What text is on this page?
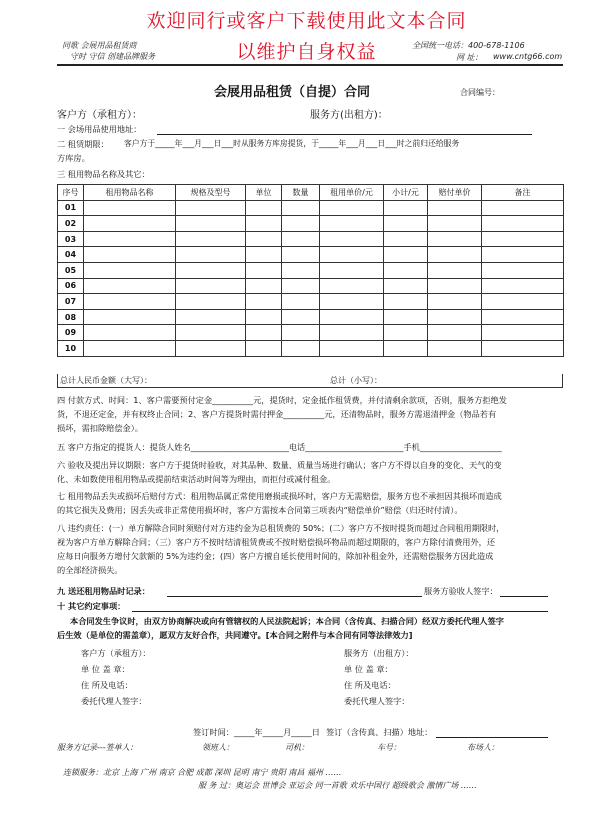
欢迎同行或客户下载使用此文本合同
以维护自身权益
同歌 会展用品租赁商
守时 守信 创建品牌服务
全国统一电话：400-678-1106
网 址： www.cntg66.com
会展用品租赁（自提）合同	合同编号：
客户方（承租方）：	服务方(出租方)：
一 会场用品使用地址：
二 租赁期限： 客户方于_____年___月___日___时从服务方库房提货，于_____年___月___日___时之前归还给服务
方库房。
三 租用物品名称及其它：
序号	租用物品名称	规格及型号	单位	数量	租用单价/元	小计/元	赔付单价	备注
01								
02								
03								
04								
05								
06								
07								
08								
09								
10								
总计人民币金额（大写）：	总计（小写）：
四 付款方式、时间：1、客户需要预付定金__________元，提货时，定金抵作租赁费，并付清剩余款项，否则，服务方拒绝发
货，不退还定金，并有权终止合同；2、客户方提货时需付押金__________元，还清物品时，服务方需退清押金（物品若有
损坏，需扣除赔偿金）。
五 客户方指定的提货人：提货人姓名________________________电话________________________手机____________________
六 验收及提出异议期限：客户方于提货时验收，对其品种、数量、质量当场进行确认；客户方不得以自身的变化、天气的变
化、未如数使用租用物品或提前结束活动时间等为理由，而拒付或减付租金。
七 租用物品丢失或损坏后赔付方式：租用物品属正常使用磨损或损坏时，客户方无需赔偿，服务方也不承担因其损坏而造成
的其它损失及费用；因丢失或非正常使用损坏时，客户方需按本合同第三项表内“赔偿单价”赔偿（归还时付清）。
八 违约责任：(一）单方解除合同时须赔付对方违约金为总租赁费的 50%；(二）客户方不按时提货而超过合同租用期限时，
视为客户方单方解除合同；（三）客户方不按时结清租赁费或不按时赔偿损坏物品而超过期限的，客户方除付清费用外，还
应每日向服务方增付欠款额的 5%为违约金；(四）客户方擅自延长使用时间的，除加补租金外，还需赔偿服务方因此造成
的全部经济损失。
九 送还租用物品时记录：	服务方验收人签字：
十 其它约定事项：
本合同发生争议时，由双方协商解决或向有管辖权的人民法院起诉；本合同（含传真、扫描合同）经双方委托代理人签字
后生效（是单位的需盖章），愿双方友好合作，共同遵守。[本合同之附件与本合同有同等法律效力]
客户方（承租方）：
单 位 盖 章：
住 所及电话：
委托代理人签字：
服务方（出租方）：
单 位 盖 章：
住 所及电话：
委托代理人签字：
签订时间：_____年_____月_____日 签订（含传真、扫描）地址：
服务方记录---签单人：	领班人：	司机：	车号：	布场人：
连锁服务：北京 上海 广州 南京 合肥 成都 深圳 昆明 南宁 贵阳 南昌 福州 ……
服 务 过：奥运会 世博会 亚运会 同一首歌 欢乐中国行 超级歌会 激情广场 ……
